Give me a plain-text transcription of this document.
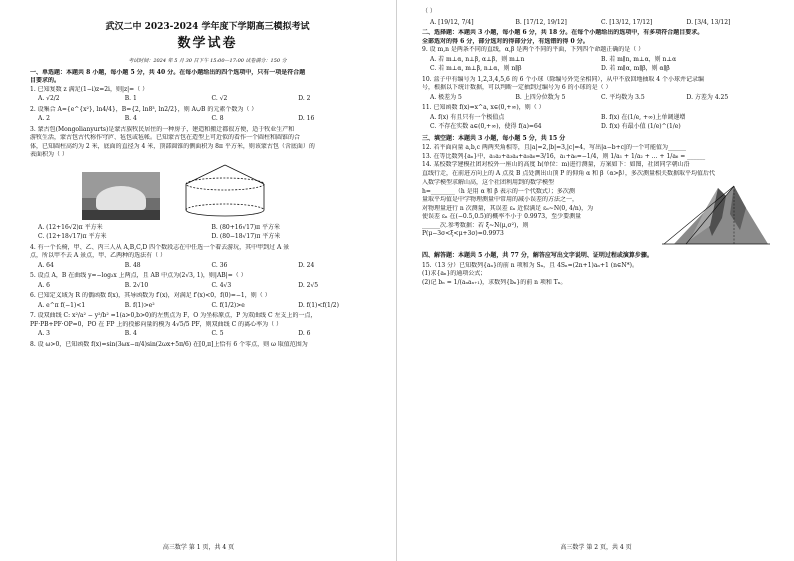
武汉二中 2023-2024 学年度下学期高三模拟考试
数学试卷
考试时间：2024 年 5 月 30 日下午 15:00—17:00 试卷满分：150 分
一、单选题：本题共 8 小题，每小题 5 分，共 40 分。在每小题给出的四个选项中，只有一项是符合题
目要求的。
1. 已知复数 z 满足(1−i)z=2i，则|z|=（ ）
A. √2/2	B. 1	C. √2	D. 2
2. 设集合 A={e^{x²}, ln4/4}，B={2, ln8³, ln2/2}，则 A∪B 的元素个数为（ ）
A. 2	B. 4	C. 8	D. 16
3. 蒙古包(Mongolianyurts)是蒙古族牧民居住的一种房子，建造和搬迁都很方便，适于牧业生产和
游牧生活，蒙古包古代称作穹庐、毡包或毡帐。已知蒙古包在造型上可近似的看作一个圆柱和圆锥的合
体，已知圆柱高约为 2 米，底面的直径为 4 米，顶部圆锥的侧面积为 8π 平方米，则该蒙古包（含底面）的
表面积为（ ）
A. (12+16√2)π 平方米	B. (80+16√17)π 平方米
C. (12+18√17)π 平方米	D. (80−18√17)π 平方米
4. 有一个长椅，甲、乙、丙三人从 A,B,C,D 四个数段志在中任选一个着去游玩，其中甲到过 A 景
点，所以甲不去 A 景点，甲、乙两种的选法有（ ）
A. 64	B. 48	C. 36	D. 24
5. 设点 A，B 在曲线 y=−log₃x 上两点，且 AB 中点为(2√3, 1)，则|AB|=（ ）
A. 6	B. 2√10	C. 4√3	D. 2√5
6. 已知定义域为 R 的偶函数 f(x)，其导函数为 f′(x)，对满足 f′(x)<0，f(0)=−1，则（ ）
A. e^π f(−1)<1	B. f(1)>e²	C. f(1/2)>e	D. f(1)<f(1/2)
7. 设双曲线 C: x²/a² − y²/b² =1(a>0,b>0)的左焦点为 F，O 为坐标原点，P 为双曲线 C 左支上的一点，
PF·PB+PF·OP=0，PO 在 FP 上的投影向量的模为 4√5/5 PF，则双曲线 C 的离心率为（ ）
A. 3	B. 4	C. 5	D. 6
8. 设 ω>0，已知函数 f(x)=sin(3ωx−π/4)sin(2ωx+5π/6) 在[0,π]上恰有 6 个零点，则 ω 取值范围为
高三数学 第 1 页，共 4 页
（ ）
A. [19/12, 7/4]	B. [17/12, 19/12]	C. [13/12, 17/12]	D. [3/4, 13/12]
二、选择题：本题共 3 小题，每小题 6 分，共 18 分。在每个小题给出的选项中，有多项符合题目要求。
全部选对的得 6 分，部分选对的得部分分，有选错的得 0 分。
9. 设 m,n 是两条不同的直线，α,β 是两个不同的平面，下列四个命题正确的是（ ）
A. 若 m⊥α, n⊥β, α⊥β，则 m⊥n	B. 若 m∥n, m⊥α，则 n⊥α
C. 若 m⊥α, m⊥β, n⊥α，则 n∥β	D. 若 m∥α, m∥β，则 α∥β
10. 盒子中有编号为 1,2,3,4,5,6 的 6 个小球（除编号外完全相同），从中不放回地抽取 4 个小球并记录编
号，根据以下统计数据，可以判断一定抽到过编号为 6 的小球的是（ ）
A. 极差为 5	B. 上四分位数为 5	C. 平均数为 3.5	D. 方差为 4.25
11. 已知函数 f(x)=x^a, x∈(0,+∞)，则（ ）
A. f(x) 有且只有一个极值点	B. f(x) 在(1/e, +∞)上单调递增
C. 不存在实数 a∈(0,+∞)，使得 f(a)=64	D. f(x) 有最小值 (1/e)^(1/e)
三、填空题：本题共 3 小题，每小题 5 分，共 15 分
12. 若平面向量 a,b,c 两两夹角相等，且|a|=2,|b|=3,|c|=4，写出|a−b+c|的一个可能值为______
13. 在等比数列{aₙ}中，a₁a₂+a₃a₄+a₅a₆=3/16，a₁+a₆=−1/4，则 1/a₁ + 1/a₂ + … + 1/a₆ = ______
14. 某校数学建模社团对校外一座山的高度 h(单位：m)进行测量，方案如下：如图，社团同学朝山沿
直线行走，在前进方向上的 A 点及 B 点处测出山顶 P 的仰角 α 和 β（α>β），多次测量相关数据取平均值后代
入数学模型求解山高，这个社团利用到的数学模型
h=________（h 是用 α 和 β 表示的一个代数式）；多次测
量取平均值是中学物理测量中常用的减小误差的方法之一，
对物理量进行 n 次测量，其误差 εₙ 近似满足 εₙ~N(0, 4/n)，为
使误差 εₙ 在(−0.5,0.5)的概率不小于 0.9973，至少要测量
______次.参考数据：若 ξ~N(μ,σ²)，则
P(μ−3σ<ξ<μ+3σ)=0.9973
四、解答题：本题共 5 小题，共 77 分，解答应写出文字说明、证明过程或演算步骤。
15.（13 分）已知数列{aₙ}的前 n 项和为 Sₙ，且 4Sₙ=(2n+1)aₙ+1 (n∈N*)。
(1)求{aₙ}的通项公式；
(2)记 bₙ = 1/(aₙaₙ₊₁)，求数列{bₙ}的前 n 项和 Tₙ。
高三数学 第 2 页，共 4 页
